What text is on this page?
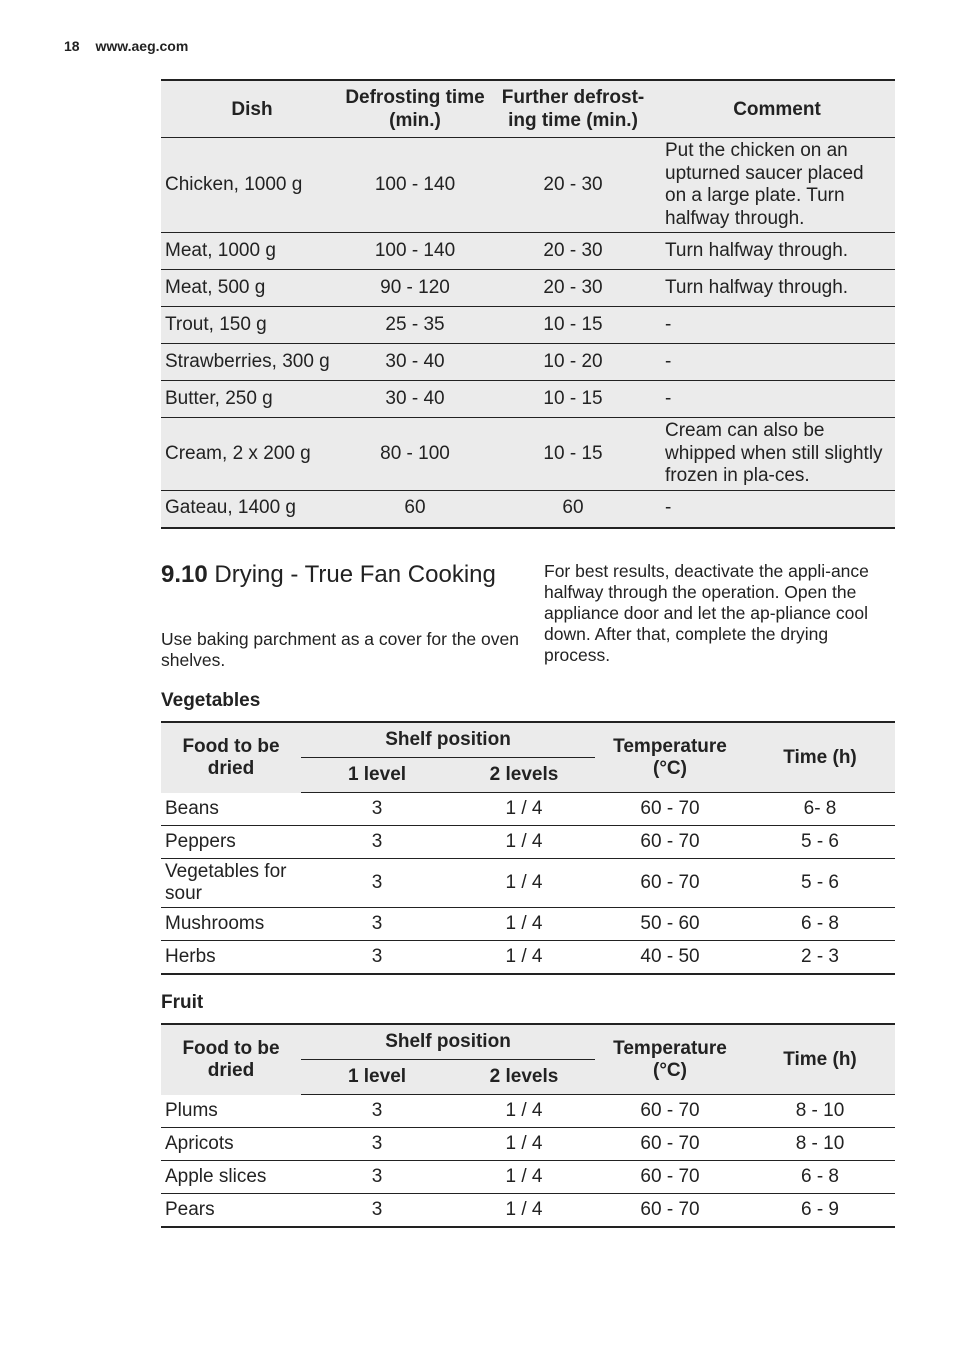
18 www.aeg.com
Dish	Defrosting time (min.)	Further defrost-ing time (min.)	Comment
Chicken, 1000 g	100 - 140	20 - 30	Put the chicken on an upturned saucer placed on a large plate. Turn halfway through.
Meat, 1000 g	100 - 140	20 - 30	Turn halfway through.
Meat, 500 g	90 - 120	20 - 30	Turn halfway through.
Trout, 150 g	25 - 35	10 - 15	-
Strawberries, 300 g	30 - 40	10 - 20	-
Butter, 250 g	30 - 40	10 - 15	-
Cream, 2 x 200 g	80 - 100	10 - 15	Cream can also be whipped when still slightly frozen in pla-ces.
Gateau, 1400 g	60	60	-
9.10 Drying - True Fan Cooking
Use baking parchment as a cover for the oven shelves.
For best results, deactivate the appli-ance halfway through the operation. Open the appliance door and let the ap-pliance cool down. After that, complete the drying process.
Vegetables
Food to be dried	Shelf position		Temperature (°C)	Time (h)
	1 level	2 levels		
Beans	3	1 / 4	60 - 70	6- 8
Peppers	3	1 / 4	60 - 70	5 - 6
Vegetables for sour	3	1 / 4	60 - 70	5 - 6
Mushrooms	3	1 / 4	50 - 60	6 - 8
Herbs	3	1 / 4	40 - 50	2 - 3
Fruit
Food to be dried	Shelf position		Temperature (°C)	Time (h)
	1 level	2 levels		
Plums	3	1 / 4	60 - 70	8 - 10
Apricots	3	1 / 4	60 - 70	8 - 10
Apple slices	3	1 / 4	60 - 70	6 - 8
Pears	3	1 / 4	60 - 70	6 - 9
